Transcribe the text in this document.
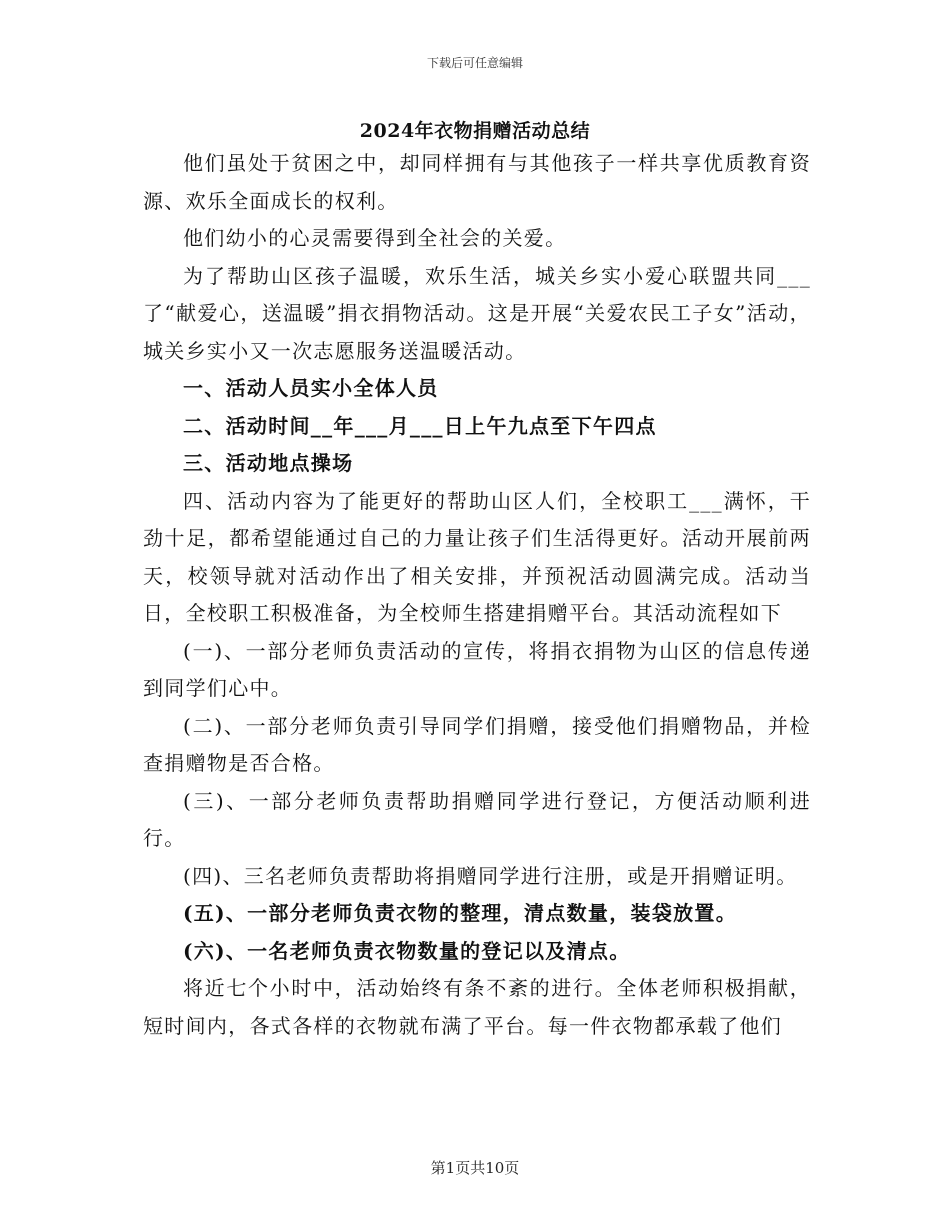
下载后可任意编辑
2024年衣物捐赠活动总结

他们虽处于贫困之中，却同样拥有与其他孩子一样共享优质教育资源、欢乐全面成长的权利。

他们幼小的心灵需要得到全社会的关爱。

为了帮助山区孩子温暖，欢乐生活，城关乡实小爱心联盟共同___了“献爱心，送温暖”捐衣捐物活动。这是开展“关爱农民工子女”活动，城关乡实小又一次志愿服务送温暖活动。

一、活动人员实小全体人员

二、活动时间__年___月___日上午九点至下午四点

三、活动地点操场

四、活动内容为了能更好的帮助山区人们，全校职工___满怀，干劲十足，都希望能通过自己的力量让孩子们生活得更好。活动开展前两天，校领导就对活动作出了相关安排，并预祝活动圆满完成。活动当日，全校职工积极准备，为全校师生搭建捐赠平台。其活动流程如下

(一)、一部分老师负责活动的宣传，将捐衣捐物为山区的信息传递到同学们心中。

(二)、一部分老师负责引导同学们捐赠，接受他们捐赠物品，并检查捐赠物是否合格。

(三)、一部分老师负责帮助捐赠同学进行登记，方便活动顺利进行。

(四)、三名老师负责帮助将捐赠同学进行注册，或是开捐赠证明。

(五)、一部分老师负责衣物的整理，清点数量，装袋放置。

(六)、一名老师负责衣物数量的登记以及清点。

将近七个小时中，活动始终有条不紊的进行。全体老师积极捐献，短时间内，各式各样的衣物就布满了平台。每一件衣物都承载了他们

第1页共10页
